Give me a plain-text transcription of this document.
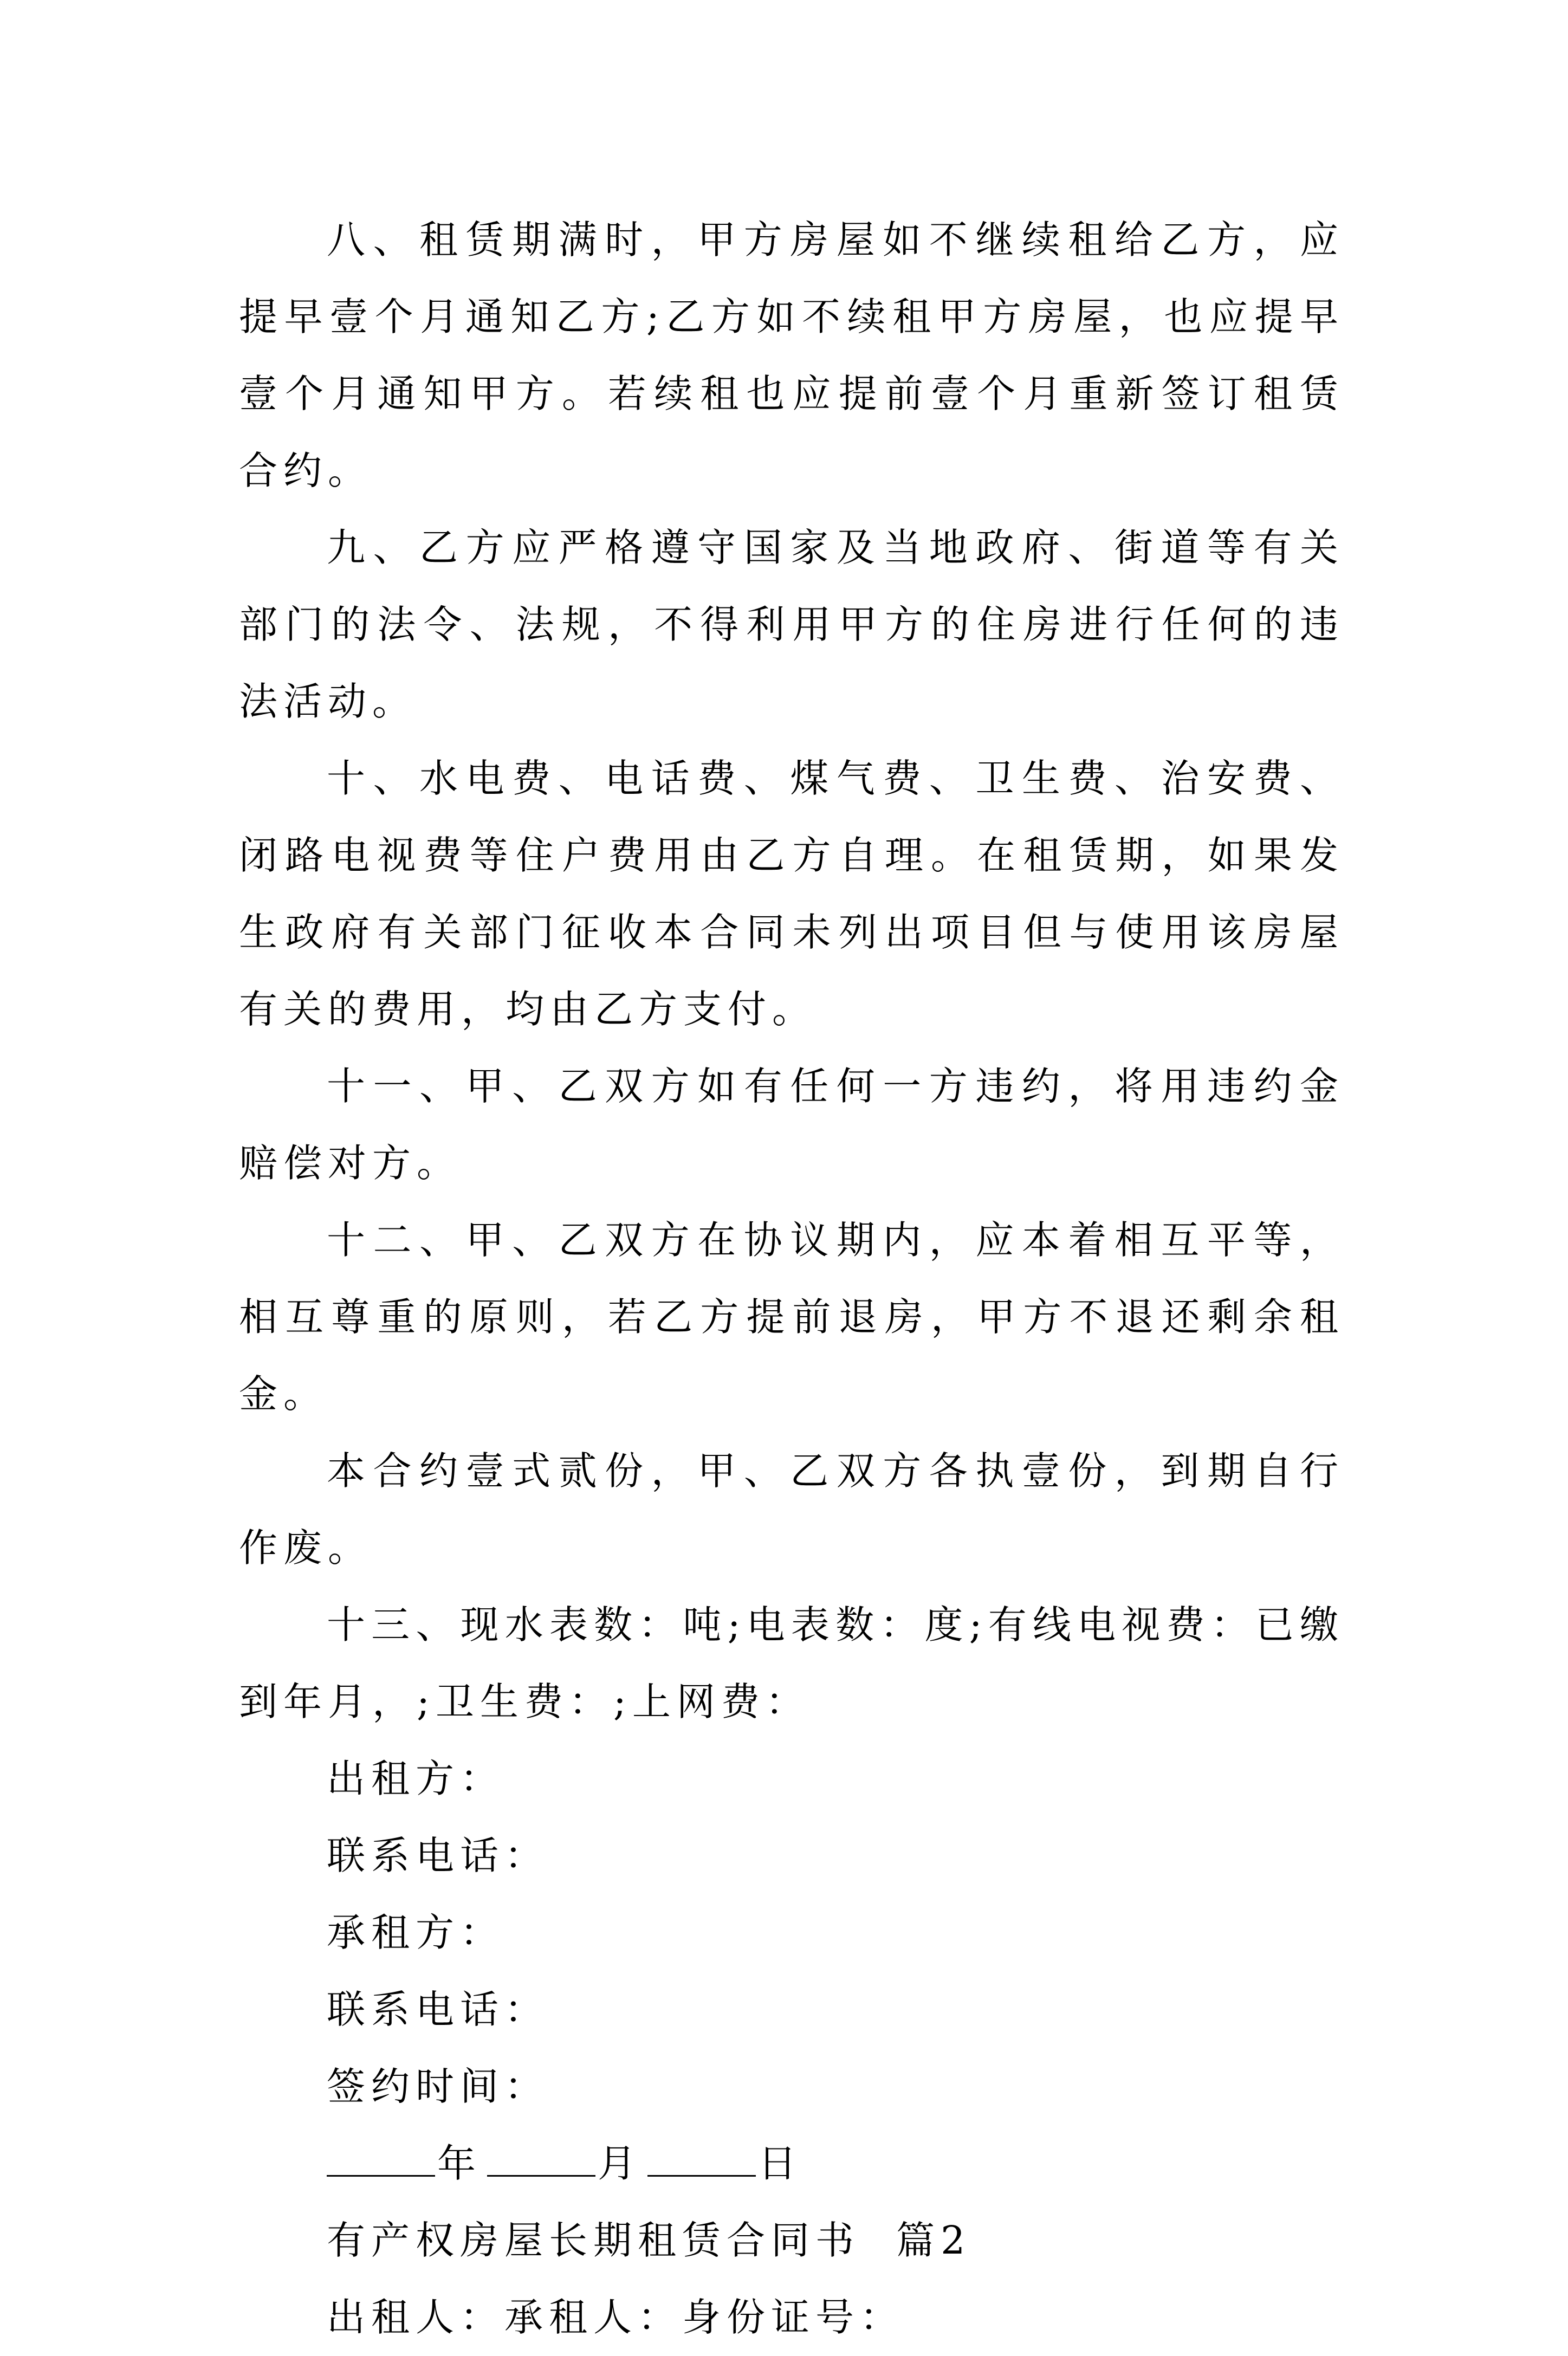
八、租赁期满时，甲方房屋如不继续租给乙方，应提早壹个月通知乙方;乙方如不续租甲方房屋，也应提早壹个月通知甲方。若续租也应提前壹个月重新签订租赁合约。

九、乙方应严格遵守国家及当地政府、街道等有关部门的法令、法规，不得利用甲方的住房进行任何的违法活动。

十、水电费、电话费、煤气费、卫生费、治安费、闭路电视费等住户费用由乙方自理。在租赁期，如果发生政府有关部门征收本合同未列出项目但与使用该房屋有关的费用，均由乙方支付。

十一、甲、乙双方如有任何一方违约，将用违约金赔偿对方。

十二、甲、乙双方在协议期内，应本着相互平等，相互尊重的原则，若乙方提前退房，甲方不退还剩余租金。

本合约壹式贰份，甲、乙双方各执壹份，到期自行作废。

十三、现水表数：吨;电表数：度;有线电视费：已缴到年月，;卫生费：;上网费：

出租方：

联系电话：

承租方：

联系电话：

签约时间：

年	月	日

有产权房屋长期租赁合同书  篇2

出租人：承租人：身份证号：
